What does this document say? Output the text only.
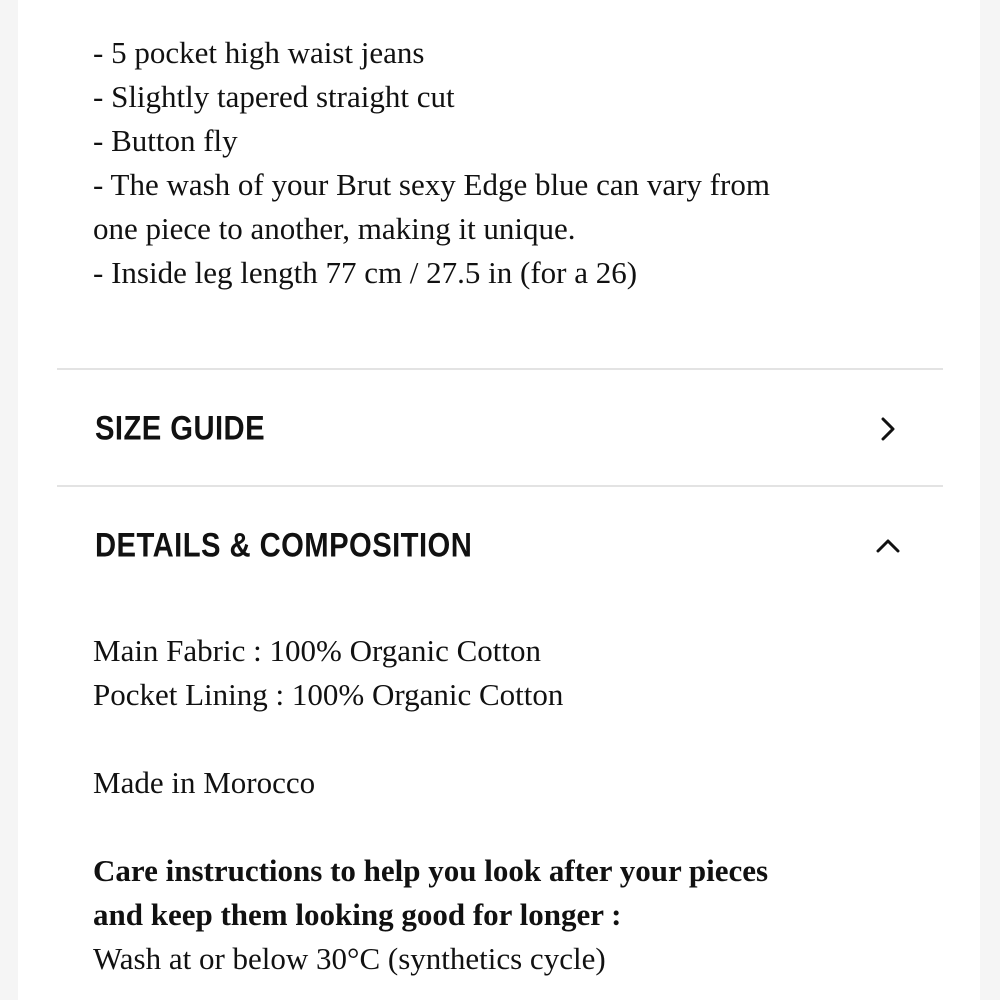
- 5 pocket high waist jeans
- Slightly tapered straight cut
- Button fly
- The wash of your Brut sexy Edge blue can vary from
one piece to another, making it unique.
- Inside leg length 77 cm / 27.5 in (for a 26)
SIZE GUIDE
DETAILS & COMPOSITION
Main Fabric : 100% Organic Cotton
Pocket Lining : 100% Organic Cotton
Made in Morocco
Care instructions to help you look after your pieces
and keep them looking good for longer :
Wash at or below 30°C (synthetics cycle)
